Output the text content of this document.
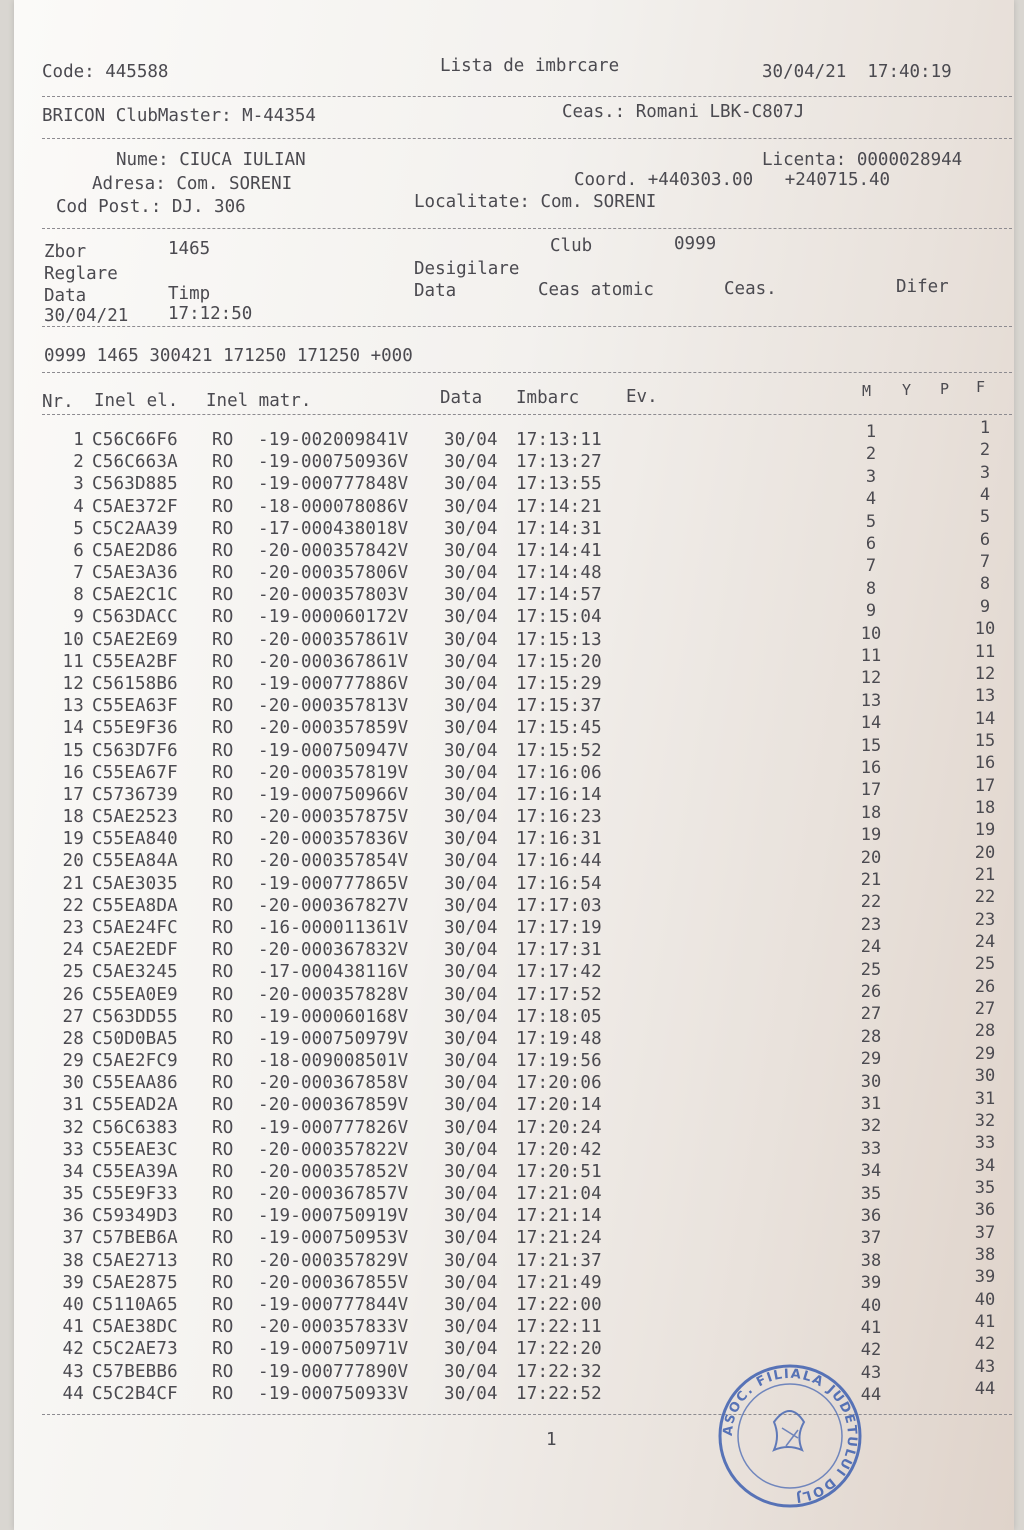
Code: 445588	Lista de imbrcare	30/04/21 17:40:19
BRICON ClubMaster: M-44354	Ceas.: Romani LBK-C807J
Nume: CIUCA IULIAN	Licenta: 0000028944
Adresa: Com. SORENI	Coord. +440303.00 +240715.40
Cod Post.: DJ. 306	Localitate: Com. SORENI
Zbor	1465	Club	0999
Reglare	Desigilare
Data	Timp	Data	Ceas atomic	Ceas.	Difer
30/04/21 17:12:50
0999 1465 300421 171250 171250 +000
Nr. Inel el. Inel matr.	Data Imbarc	Ev.	M Y P F
1 C56C66F6 RO -19-002009841V 30/04 17:13:11	1	1
2 C56C663A RO -19-000750936V 30/04 17:13:27	2	2
3 C563D885 RO -19-000777848V 30/04 17:13:55	3	3
4 C5AE372F RO -18-000078086V 30/04 17:14:21	4	4
5 C5C2AA39 RO -17-000438018V 30/04 17:14:31	5	5
6 C5AE2D86 RO -20-000357842V 30/04 17:14:41	6	6
7 C5AE3A36 RO -20-000357806V 30/04 17:14:48	7	7
8 C5AE2C1C RO -20-000357803V 30/04 17:14:57	8	8
9 C563DACC RO -19-000060172V 30/04 17:15:04	9	9
10 C5AE2E69 RO -20-000357861V 30/04 17:15:13	10	10
11 C55EA2BF RO -20-000367861V 30/04 17:15:20	11	11
12 C56158B6 RO -19-000777886V 30/04 17:15:29	12	12
13 C55EA63F RO -20-000357813V 30/04 17:15:37	13	13
14 C55E9F36 RO -20-000357859V 30/04 17:15:45	14	14
15 C563D7F6 RO -19-000750947V 30/04 17:15:52	15	15
16 C55EA67F RO -20-000357819V 30/04 17:16:06	16	16
17 C5736739 RO -19-000750966V 30/04 17:16:14	17	17
18 C5AE2523 RO -20-000357875V 30/04 17:16:23	18	18
19 C55EA840 RO -20-000357836V 30/04 17:16:31	19	19
20 C55EA84A RO -20-000357854V 30/04 17:16:44	20	20
21 C5AE3035 RO -19-000777865V 30/04 17:16:54	21	21
22 C55EA8DA RO -20-000367827V 30/04 17:17:03	22	22
23 C5AE24FC RO -16-000011361V 30/04 17:17:19	23	23
24 C5AE2EDF RO -20-000367832V 30/04 17:17:31	24	24
25 C5AE3245 RO -17-000438116V 30/04 17:17:42	25	25
26 C55EA0E9 RO -20-000357828V 30/04 17:17:52	26	26
27 C563DD55 RO -19-000060168V 30/04 17:18:05	27	27
28 C50D0BA5 RO -19-000750979V 30/04 17:19:48	28	28
29 C5AE2FC9 RO -18-009008501V 30/04 17:19:56	29	29
30 C55EAA86 RO -20-000367858V 30/04 17:20:06	30	30
31 C55EAD2A RO -20-000367859V 30/04 17:20:14	31	31
32 C56C6383 RO -19-000777826V 30/04 17:20:24	32	32
33 C55EAE3C RO -20-000357822V 30/04 17:20:42	33	33
34 C55EA39A RO -20-000357852V 30/04 17:20:51	34	34
35 C55E9F33 RO -20-000367857V 30/04 17:21:04	35	35
36 C59349D3 RO -19-000750919V 30/04 17:21:14	36	36
37 C57BEB6A RO -19-000750953V 30/04 17:21:24	37	37
38 C5AE2713 RO -20-000357829V 30/04 17:21:37	38	38
39 C5AE2875 RO -20-000367855V 30/04 17:21:49	39	39
40 C5110A65 RO -19-000777844V 30/04 17:22:00	40	40
41 C5AE38DC RO -20-000357833V 30/04 17:22:11	41	41
42 C5C2AE73 RO -19-000750971V 30/04 17:22:20	42	42
43 C57BEBB6 RO -19-000777890V 30/04 17:22:32	43	43
44 C5C2B4CF RO -19-000750933V 30/04 17:22:52	44	44
1
ASOC. FILIALA JUDETULUI DOLJ
